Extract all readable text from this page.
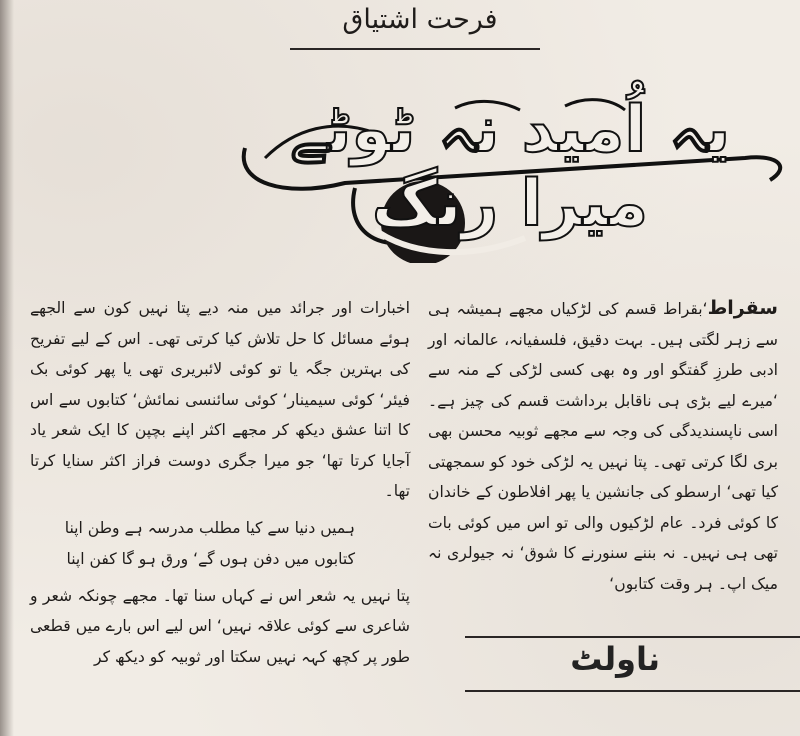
فرحت اشتیاق
یہ اُمید نہ ٹوٹے میرا رنگ

سقراط‘بقراط قسم کی لڑکیاں مجھے ہمیشہ ہی سے زہر لگتی ہیں۔ بہت دقیق، فلسفیانہ، عالمانہ اور ادبی طرزِ گفتگو اور وہ بھی کسی لڑکی کے منہ سے ‘میرے لیے بڑی ہی ناقابل برداشت قسم کی چیز ہے۔ اسی ناپسندیدگی کی وجہ سے مجھے ثوبیہ محسن بھی بری لگا کرتی تھی۔ پتا نہیں یہ لڑکی خود کو سمجھتی کیا تھی‘ ارسطو کی جانشین یا پھر افلاطون کے خاندان کا کوئی فرد۔ عام لڑکیوں والی تو اس میں کوئی بات تھی ہی نہیں۔ نہ بننے سنورنے کا شوق‘ نہ جیولری نہ میک اپ۔ ہر وقت کتابوں‘

اخبارات اور جرائد میں منہ دیے پتا نہیں کون سے الجھے ہوئے مسائل کا حل تلاش کیا کرتی تھی۔ اس کے لیے تفریح کی بہترین جگہ یا تو کوئی لائبریری تھی یا پھر کوئی بک فیئر‘ کوئی سیمینار‘ کوئی سائنسی نمائش‘ کتابوں سے اس کا اتنا عشق دیکھ کر مجھے اکثر اپنے بچپن کا ایک شعر یاد آجایا کرتا تھا‘ جو میرا جگری دوست فراز اکثر سنایا کرتا تھا۔

ہمیں دنیا سے کیا مطلب مدرسہ ہے وطن اپنا
کتابوں میں دفن ہوں گے‘ ورق ہو گا کفن اپنا

پتا نہیں یہ شعر اس نے کہاں سنا تھا۔ مجھے چونکہ شعر و شاعری سے کوئی علاقہ نہیں‘ اس لیے اس بارے میں قطعی طور پر کچھ کہہ نہیں سکتا اور ثوبیہ کو دیکھ کر	ناولٹ
